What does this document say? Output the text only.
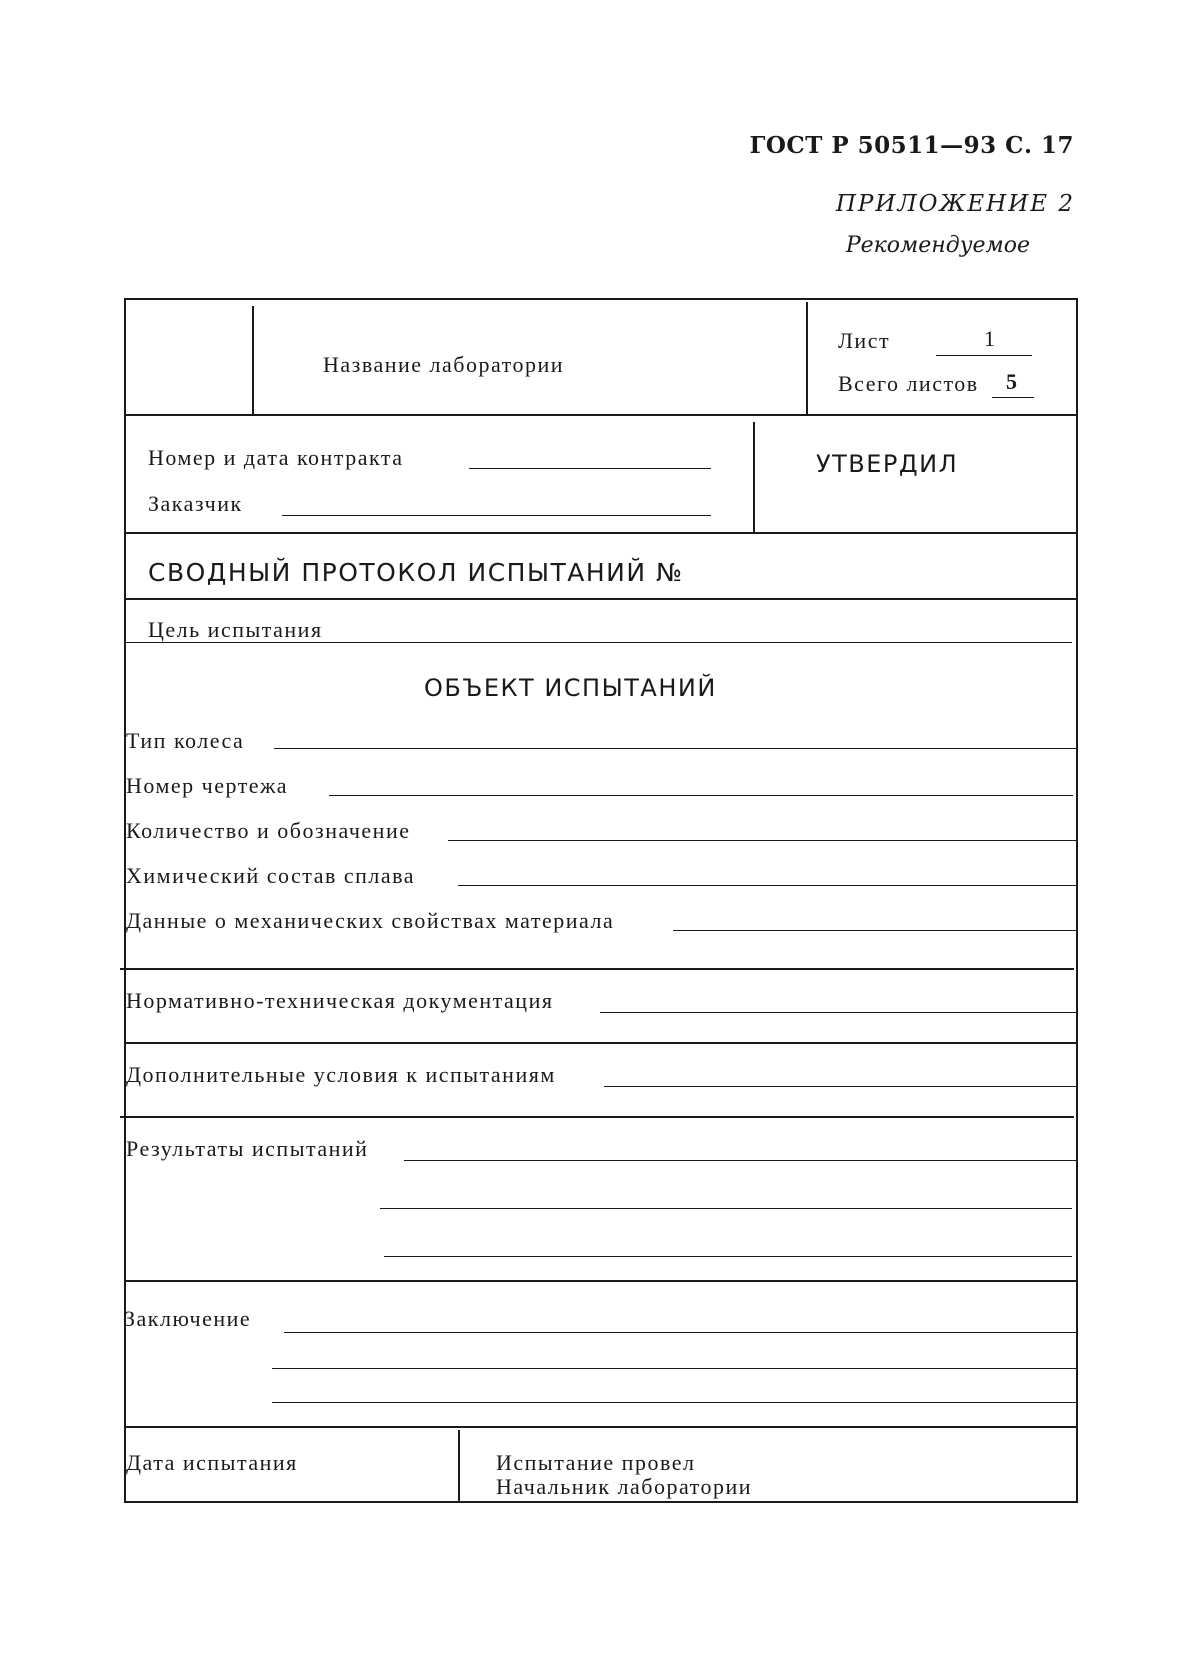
ГОСТ Р 50511—93 С. 17
ПРИЛОЖЕНИЕ 2
Рекомендуемое
Название лаборатории
Лист	1
Всего листов 5
Номер и дата контракта
Заказчик
УТВЕРДИЛ
СВОДНЫЙ ПРОТОКОЛ ИСПЫТАНИЙ №
Цель испытания
ОБЪЕКТ ИСПЫТАНИЙ
Тип колеса
Номер чертежа
Количество и обозначение
Химический состав сплава
Данные о механических свойствах материала
Нормативно-техническая документация
Дополнительные условия к испытаниям
Результаты испытаний
Заключение
Дата испытания	Испытание провел
Начальник лаборатории
